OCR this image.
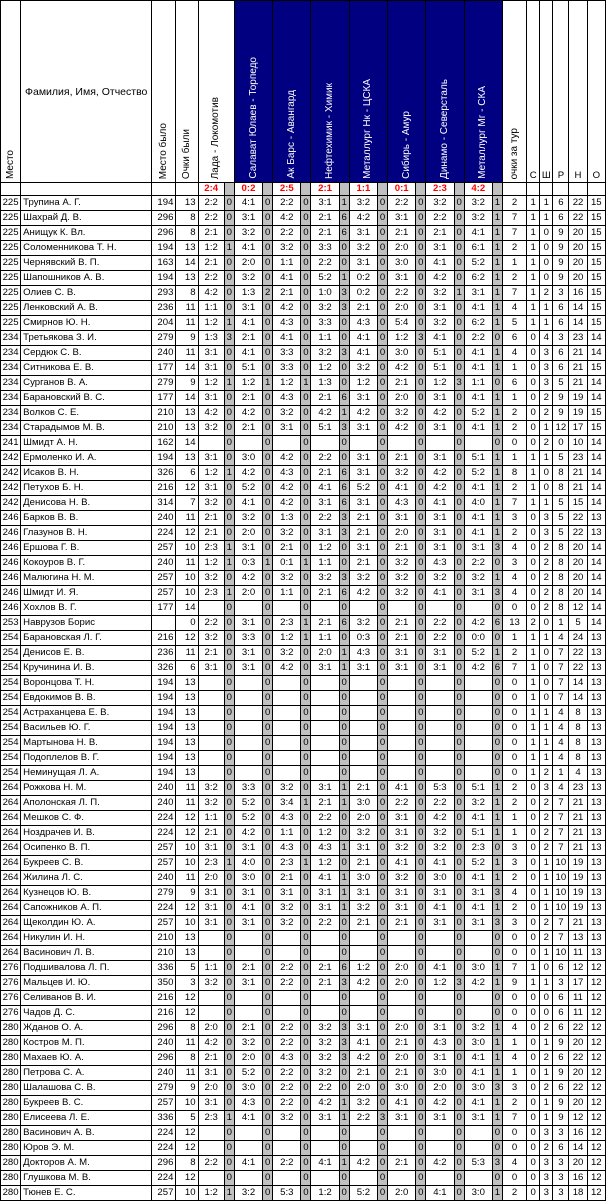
Место	Фамилия, Имя, Отчество	Место было	Очки были	Лада - Локомотив		Салават Юлаев - Торпедо		Ак Барс - Авангард		Нефтехимик - Химик		Металлург Нк - ЦСКА		Сибирь - Амур		Динамо - Северсталь		Металлург Мг - СКА		очки за тур	С	Ш	Р	Н	О
				2:4		0:2		2:5		2:1		1:1		0:1		2:3		4:2							
225	Трупина А. Г.	194	13	2:2	0	4:1	0	2:2	0	3:1	1	3:2	0	2:2	0	3:2	0	3:2	1	2	1	1	6	22	15
225	Шахрай Д. В.	296	8	2:2	0	3:1	0	4:2	0	2:1	6	4:2	0	3:1	0	2:2	0	3:2	1	7	1	1	6	22	15
225	Анищук К. Вл.	296	8	2:1	0	3:2	0	2:2	0	2:1	6	3:1	0	2:1	0	2:1	0	4:1	1	7	1	0	9	20	15
225	Соломенникова Т. Н.	194	13	1:2	1	4:1	0	3:2	0	3:3	0	3:2	0	2:0	0	3:1	0	6:1	1	2	1	0	9	20	15
225	Чернявский В. П.	163	14	2:1	0	2:0	0	1:1	0	2:2	0	3:1	0	3:0	0	4:1	0	5:2	1	1	1	0	9	20	15
225	Шапошников А. В.	194	13	2:2	0	3:2	0	4:1	0	5:2	1	0:2	0	3:1	0	4:2	0	6:2	1	2	1	0	9	20	15
225	Олиев С. В.	293	8	4:2	0	1:3	2	2:1	0	1:0	3	0:2	0	2:2	0	3:2	1	3:1	1	7	1	2	3	16	15
225	Ленковский А. В.	236	11	1:1	0	3:1	0	4:2	0	3:2	3	2:1	0	2:0	0	3:1	0	4:1	1	4	1	1	6	14	15
225	Смирнов Ю. Н.	204	11	1:2	1	4:1	0	4:3	0	3:3	0	4:3	0	5:4	0	3:2	0	6:2	1	5	1	1	6	14	15
234	Третьякова З. И.	279	9	1:3	3	2:1	0	4:1	0	1:1	0	4:1	0	1:2	3	4:1	0	2:2	0	6	0	4	3	23	14
234	Сердюк С. В.	240	11	3:1	0	4:1	0	3:3	0	3:2	3	4:1	0	3:0	0	5:1	0	4:1	1	4	0	3	6	21	14
234	Ситникова Е. В.	177	14	3:1	0	5:1	0	3:3	0	1:2	0	3:2	0	4:2	0	5:1	0	4:1	1	1	0	3	6	21	15
234	Сурганов В. А.	279	9	1:2	1	1:2	1	1:2	1	1:3	0	1:2	0	2:1	0	1:2	3	1:1	0	6	0	3	5	21	14
234	Барановский В. С.	177	14	3:1	0	2:1	0	4:3	0	2:1	6	3:1	0	2:0	0	3:1	0	4:1	1	1	0	2	9	19	14
234	Волков С. Е.	210	13	4:2	0	4:2	0	3:2	0	4:2	1	4:2	0	3:2	0	4:2	0	5:2	1	2	0	2	9	19	15
234	Старадымов М. В.	210	13	3:2	0	2:1	0	3:1	0	5:1	3	3:1	0	4:2	0	3:1	0	4:1	1	2	0	1	12	17	15
241	Шмидт А. Н.	162	14		0		0		0		0		0		0		0		0	0	0	2	0	10	14
242	Ермоленко И. А.	194	13	3:1	0	3:0	0	4:2	0	2:2	0	3:1	0	2:1	0	3:1	0	5:1	1	1	1	1	5	23	14
242	Исаков В. Н.	326	6	1:2	1	4:2	0	4:3	0	2:1	6	3:1	0	3:2	0	4:2	0	5:2	1	8	1	0	8	21	14
242	Петухов Б. Н.	216	12	3:1	0	5:2	0	4:2	0	4:1	6	5:2	0	4:1	0	4:2	0	4:1	1	2	1	0	8	21	14
242	Денисова Н. В.	314	7	3:2	0	4:1	0	4:2	0	3:1	6	3:1	0	4:3	0	4:1	0	4:0	1	7	1	1	5	15	14
246	Барков В. В.	240	11	2:1	0	3:2	0	1:3	0	2:2	3	2:1	0	3:1	0	3:1	0	4:1	1	3	0	3	5	22	13
246	Глазунов В. Н.	224	12	2:1	0	2:0	0	3:2	0	3:1	3	2:1	0	2:0	0	3:1	0	4:1	1	2	0	3	5	22	13
246	Ершова Г. В.	257	10	2:3	1	3:1	0	2:1	0	1:2	0	3:1	0	2:1	0	3:1	0	3:1	3	4	0	2	8	20	14
246	Кокоуров В. Г.	240	11	1:2	1	0:3	1	0:1	1	1:1	0	2:1	0	3:2	0	4:3	0	2:2	0	3	0	2	8	20	14
246	Малюгина Н. М.	257	10	3:2	0	4:2	0	3:2	0	3:2	3	3:2	0	3:2	0	3:2	0	3:2	1	4	0	2	8	20	14
246	Шмидт И. Я.	257	10	2:3	1	2:0	0	1:1	0	2:1	6	4:2	0	3:2	0	4:1	0	3:1	3	4	0	2	8	20	14
246	Хохлов В. Г.	177	14		0		0		0		0		0		0		0		0	0	0	2	8	12	14
253	Наврузов Борис		0	2:2	0	3:1	0	2:3	1	2:1	6	3:2	0	2:1	0	2:2	0	4:2	6	13	2	0	1	5	14
254	Барановская Л. Г.	216	12	3:2	0	3:3	0	1:2	1	1:1	0	0:3	0	2:1	0	2:2	0	0:0	0	1	1	1	4	24	13
254	Денисов Е. В.	236	11	2:1	0	3:1	0	3:2	0	2:0	1	4:3	0	3:1	0	3:1	0	5:2	1	2	1	0	7	22	13
254	Кручинина И. В.	326	6	3:1	0	3:1	0	4:2	0	3:1	1	3:1	0	3:1	0	3:1	0	4:2	6	7	1	0	7	22	13
254	Воронцова Т. Н.	194	13		0		0		0		0		0		0		0		0	0	1	0	7	14	13
254	Евдокимов В. В.	194	13		0		0		0		0		0		0		0		0	0	1	0	7	14	13
254	Астраханцева Е. В.	194	13		0		0		0		0		0		0		0		0	0	1	1	4	8	13
254	Васильев Ю. Г.	194	13		0		0		0		0		0		0		0		0	0	1	1	4	8	13
254	Мартынова Н. В.	194	13		0		0		0		0		0		0		0		0	0	1	1	4	8	13
254	Подоплелов В. Г.	194	13		0		0		0		0		0		0		0		0	0	1	1	4	8	13
254	Неминущая Л. А.	194	13		0		0		0		0		0		0		0		0	0	1	2	1	4	13
264	Рожкова Н. М.	240	11	3:2	0	3:3	0	3:2	0	3:1	1	2:1	0	4:1	0	5:3	0	5:1	1	2	0	3	4	23	13
264	Аполонская Л. П.	240	11	3:2	0	5:2	0	3:4	1	2:1	1	3:0	0	2:2	0	2:2	0	3:2	1	2	0	2	7	21	13
264	Мешков С. Ф.	224	12	1:1	0	5:2	0	4:3	0	2:2	0	2:0	0	3:1	0	4:2	0	4:1	1	1	0	2	7	21	13
264	Ноздрачев И. В.	224	12	2:1	0	4:2	0	1:1	0	1:2	0	3:2	0	3:1	0	3:2	0	5:1	1	1	0	2	7	21	13
264	Осипенко В. П.	257	10	3:1	0	3:1	0	4:3	0	4:3	1	3:1	0	3:2	0	3:2	0	2:3	0	3	0	2	7	21	13
264	Букреев С. В.	257	10	2:3	1	4:0	0	2:3	1	1:2	0	2:1	0	4:1	0	4:1	0	5:2	1	3	0	1	10	19	13
264	Жилина Л. С.	240	11	2:0	0	3:0	0	2:1	0	4:1	1	3:0	0	3:2	0	3:0	0	4:1	1	2	0	1	10	19	13
264	Кузнецов Ю. В.	279	9	3:1	0	3:1	0	3:1	0	3:1	1	3:1	0	3:1	0	3:1	0	3:1	3	4	0	1	10	19	13
264	Сапожников А. П.	224	12	3:1	0	4:1	0	3:2	0	3:1	1	3:2	0	3:1	0	4:1	0	4:1	1	2	0	1	10	19	13
264	Щеколдин Ю. А.	257	10	3:1	0	3:1	0	3:2	0	2:2	0	2:1	0	2:1	0	3:1	0	3:1	3	3	0	2	7	21	13
264	Никулин И. Н.	210	13		0		0		0		0		0		0		0		0	0	0	2	7	13	13
264	Васинович Л. В.	210	13		0		0		0		0		0		0		0		0	0	0	1	10	11	13
276	Подшивалова Л. П.	336	5	1:1	0	2:1	0	2:2	0	2:1	6	1:2	0	2:0	0	4:1	0	3:0	1	7	1	0	6	12	12
276	Мальцев И. Ю.	350	3	3:2	0	3:1	0	2:2	0	2:1	3	4:2	0	2:0	0	1:2	3	4:2	1	9	1	1	3	17	12
276	Селиванов В. И.	216	12		0		0		0		0		0		0		0		0	0	0	0	6	11	12
276	Чадов Д. С.	216	12		0		0		0		0		0		0		0		0	0	0	0	6	11	12
280	Жданов О. А.	296	8	2:0	0	2:1	0	2:2	0	3:2	3	3:1	0	2:0	0	3:1	0	3:2	1	4	0	2	6	22	12
280	Костров М. П.	240	11	4:2	0	3:2	0	2:2	0	3:2	3	4:1	0	2:1	0	4:3	0	3:0	1	1	0	1	9	20	12
280	Махаев Ю. А.	296	8	2:1	0	2:0	0	4:3	0	3:2	3	4:2	0	2:0	0	3:1	0	4:1	1	4	0	2	6	22	12
280	Петрова С. А.	240	11	3:1	0	5:2	0	2:2	0	3:2	0	2:1	0	2:1	0	3:0	0	4:1	1	1	0	1	9	20	12
280	Шалашова С. В.	279	9	2:0	0	3:0	0	2:2	0	2:2	0	2:0	0	3:0	0	2:0	0	3:0	3	3	0	2	6	22	12
280	Букреев В. С.	257	10	3:1	0	4:3	0	2:2	0	4:2	1	3:2	0	4:1	0	4:2	0	4:1	1	2	0	1	9	20	12
280	Елисеева Л. Е.	336	5	2:3	1	4:1	0	3:2	0	3:1	1	2:2	3	3:1	0	3:1	0	3:1	1	7	0	1	9	12	12
280	Васинович А. В.	224	12		0		0		0		0		0		0		0		0	0	0	3	3	16	12
280	Юров Э. М.	224	12		0		0		0		0		0		0		0		0	0	0	2	6	14	12
280	Докторов А. М.	296	8	2:2	0	4:1	0	2:2	0	4:1	1	4:2	0	2:1	0	4:2	0	5:3	3	4	0	3	3	20	12
280	Глушкова М. В.	224	12		0		0		0		0		0		0		0		0	0	0	3	3	16	12
280	Тюнев Е. С.	257	10	1:2	1	3:2	0	5:3	0	1:2	0	5:2	0	2:0	0	4:1	0	3:0	1	2	0	3	3	18	12
